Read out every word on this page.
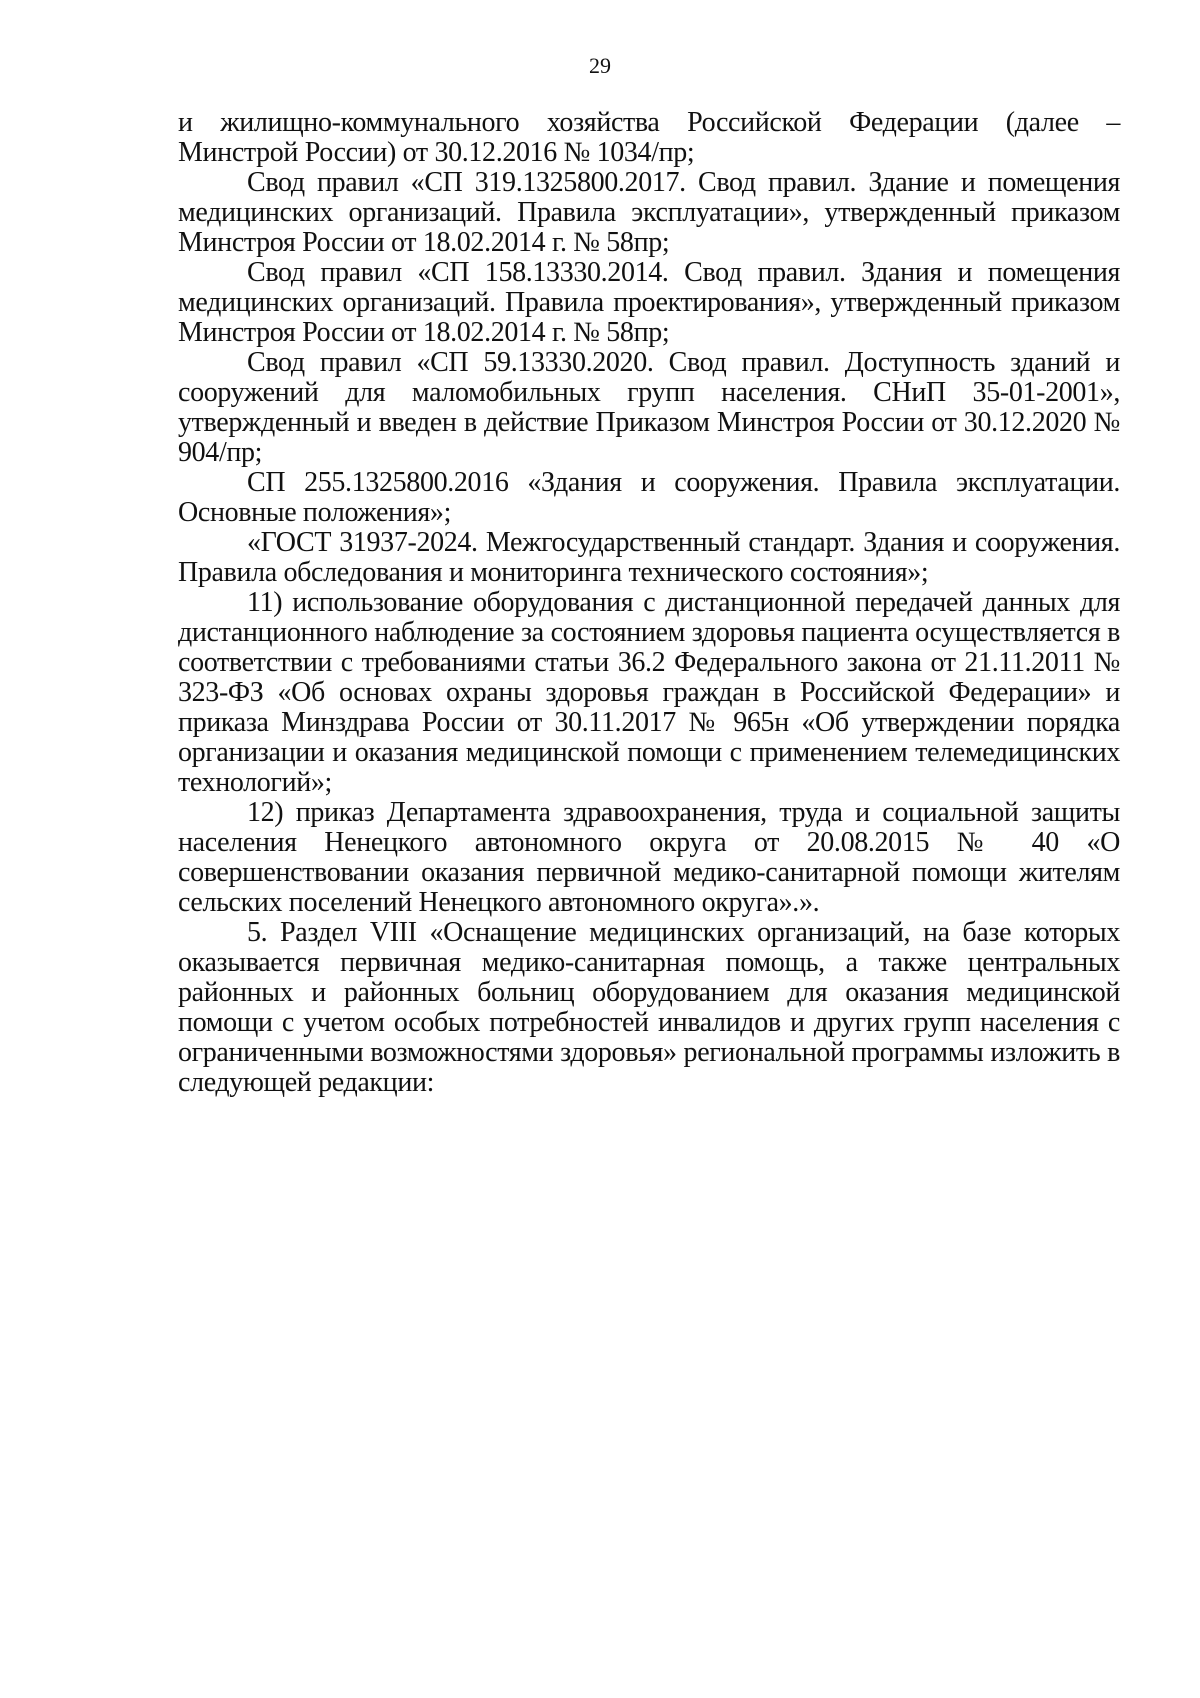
29

и жилищно-коммунального хозяйства Российской Федерации (далее – Минстрой России) от 30.12.2016 № 1034/пр;

Свод правил «СП 319.1325800.2017. Свод правил. Здание и помещения медицинских организаций. Правила эксплуатации», утвержденный приказом Минстроя России от 18.02.2014 г. № 58пр;

Свод правил «СП 158.13330.2014. Свод правил. Здания и помещения медицинских организаций. Правила проектирования», утвержденный приказом Минстроя России от 18.02.2014 г. № 58пр;

Свод правил «СП 59.13330.2020. Свод правил. Доступность зданий и сооружений для маломобильных групп населения. СНиП 35-01-2001», утвержденный и введен в действие Приказом Минстроя России от 30.12.2020 № 904/пр;

СП 255.1325800.2016 «Здания и сооружения. Правила эксплуатации. Основные положения»;

«ГОСТ 31937-2024. Межгосударственный стандарт. Здания и сооружения. Правила обследования и мониторинга технического состояния»;

11) использование оборудования с дистанционной передачей данных для дистанционного наблюдение за состоянием здоровья пациента осуществляется в соответствии с требованиями статьи 36.2 Федерального закона от 21.11.2011 № 323-ФЗ «Об основах охраны здоровья граждан в Российской Федерации» и приказа Минздрава России от 30.11.2017 № 965н «Об утверждении порядка организации и оказания медицинской помощи с применением телемедицинских технологий»;

12) приказ Департамента здравоохранения, труда и социальной защиты населения Ненецкого автономного округа от 20.08.2015 № 40 «О совершенствовании оказания первичной медико-санитарной помощи жителям сельских поселений Ненецкого автономного округа».».

5. Раздел VIII «Оснащение медицинских организаций, на базе которых оказывается первичная медико-санитарная помощь, а также центральных районных и районных больниц оборудованием для оказания медицинской помощи с учетом особых потребностей инвалидов и других групп населения с ограниченными возможностями здоровья» региональной программы изложить в следующей редакции:
